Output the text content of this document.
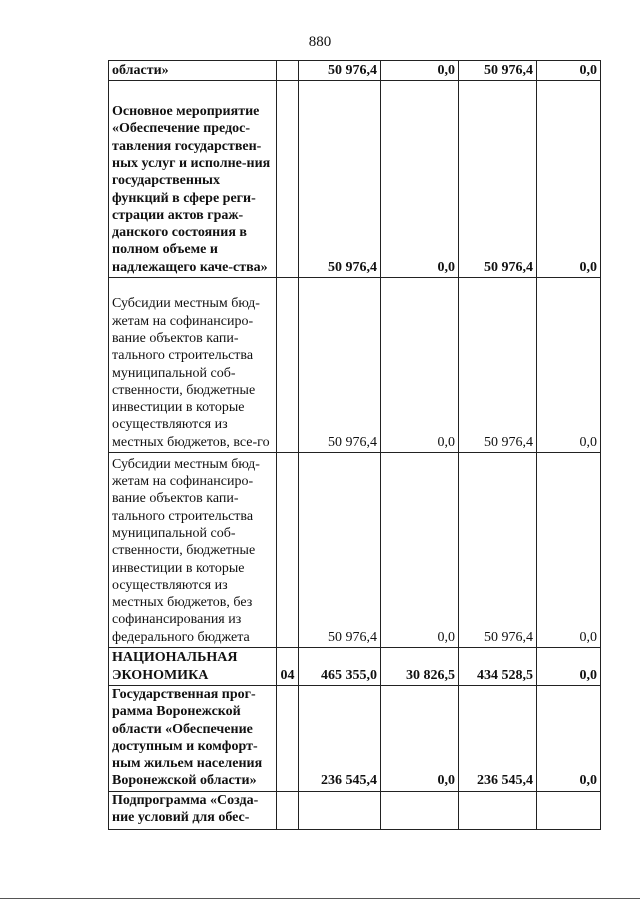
880
области»		50 976,4	0,0	50 976,4	0,0
Основное мероприятие «Обеспечение предос-тавления государствен-ных услуг и исполне-ния государственных функций в сфере реги-страции актов граж-данского состояния в полном объеме и надлежащего каче-ства»		50 976,4	0,0	50 976,4	0,0
Субсидии местным бюд-жетам на софинансиро-вание объектов капи-тального строительства муниципальной соб-ственности, бюджетные инвестиции в которые осуществляются из местных бюджетов, все-го		50 976,4	0,0	50 976,4	0,0
Субсидии местным бюд-жетам на софинансиро-вание объектов капи-тального строительства муниципальной соб-ственности, бюджетные инвестиции в которые осуществляются из местных бюджетов, без софинансирования из федерального бюджета		50 976,4	0,0	50 976,4	0,0
НАЦИОНАЛЬНАЯ ЭКОНОМИКА	04	465 355,0	30 826,5	434 528,5	0,0
Государственная прог-рамма Воронежской области «Обеспечение доступным и комфорт-ным жильем населения Воронежской области»		236 545,4	0,0	236 545,4	0,0
Подпрограмма «Созда-ние условий для обес-					
